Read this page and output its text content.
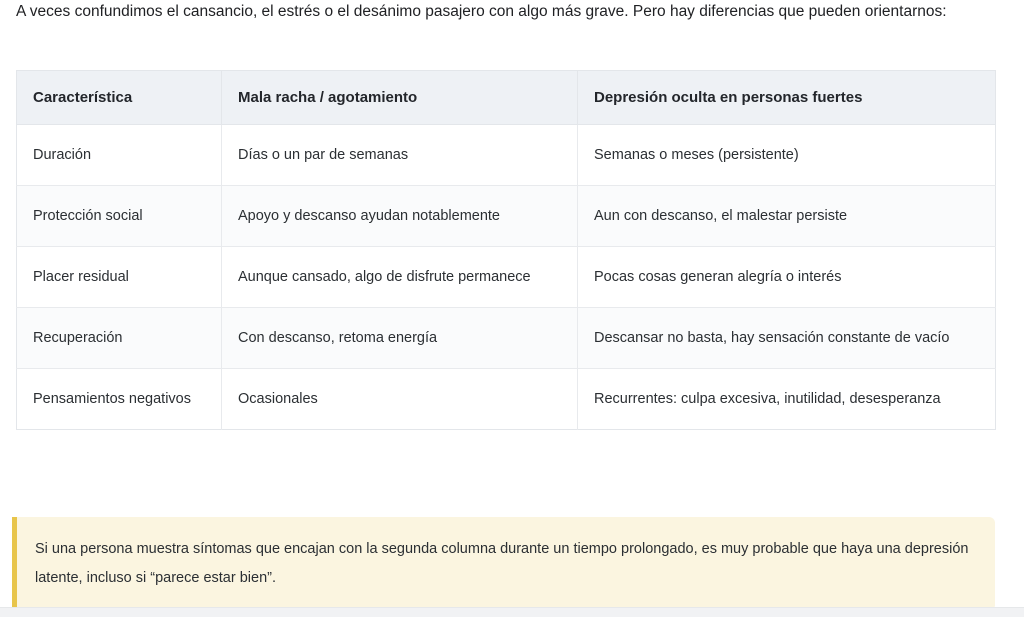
A veces confundimos el cansancio, el estrés o el desánimo pasajero con algo más grave. Pero hay diferencias que pueden orientarnos:

Característica	Mala racha / agotamiento	Depresión oculta en personas fuertes

Duración	Días o un par de semanas	Semanas o meses (persistente)

Protección social	Apoyo y descanso ayudan notablemente	Aun con descanso, el malestar persiste

Placer residual	Aunque cansado, algo de disfrute permanece	Pocas cosas generan alegría o interés

Recuperación	Con descanso, retoma energía	Descansar no basta, hay sensación constante de vacío

Pensamientos negativos	Ocasionales	Recurrentes: culpa excesiva, inutilidad, desesperanza

Si una persona muestra síntomas que encajan con la segunda columna durante un tiempo prolongado, es muy probable que haya una depresión latente, incluso si “parece estar bien”.
